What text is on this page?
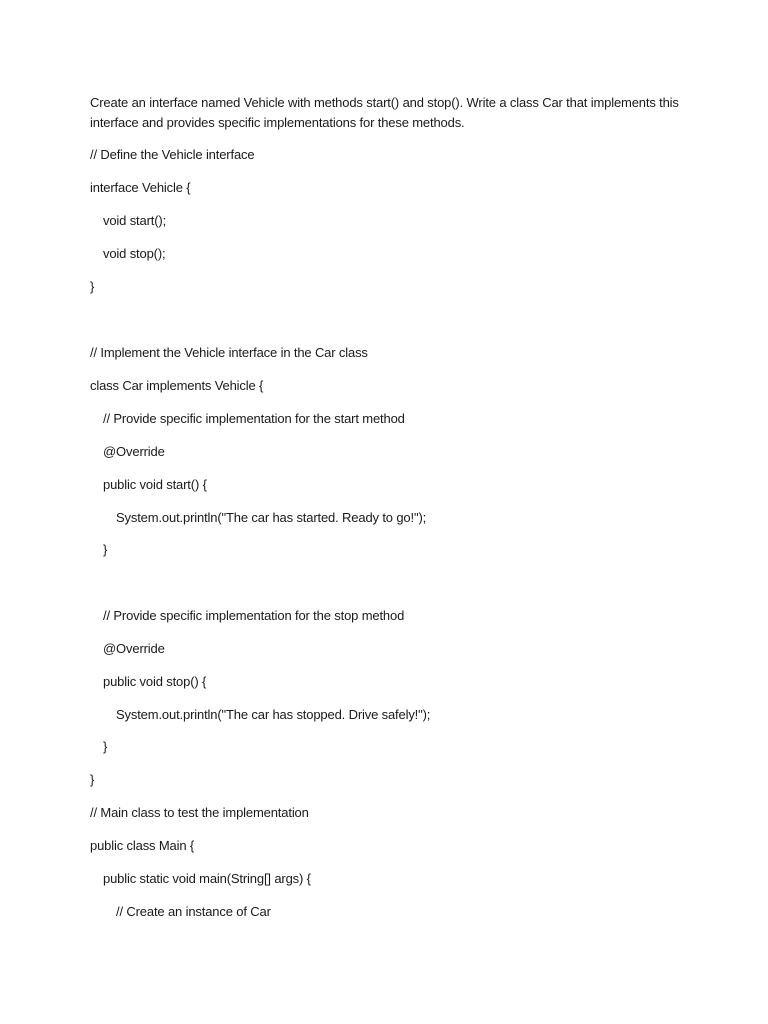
Create an interface named Vehicle with methods start() and stop(). Write a class Car that implements this interface and provides specific implementations for these methods.

// Define the Vehicle interface

interface Vehicle {

void start();

void stop();

}

// Implement the Vehicle interface in the Car class

class Car implements Vehicle {

// Provide specific implementation for the start method

@Override

public void start() {

System.out.println("The car has started. Ready to go!");

}

// Provide specific implementation for the stop method

@Override

public void stop() {

System.out.println("The car has stopped. Drive safely!");

}

}

// Main class to test the implementation

public class Main {

public static void main(String[] args) {

// Create an instance of Car
